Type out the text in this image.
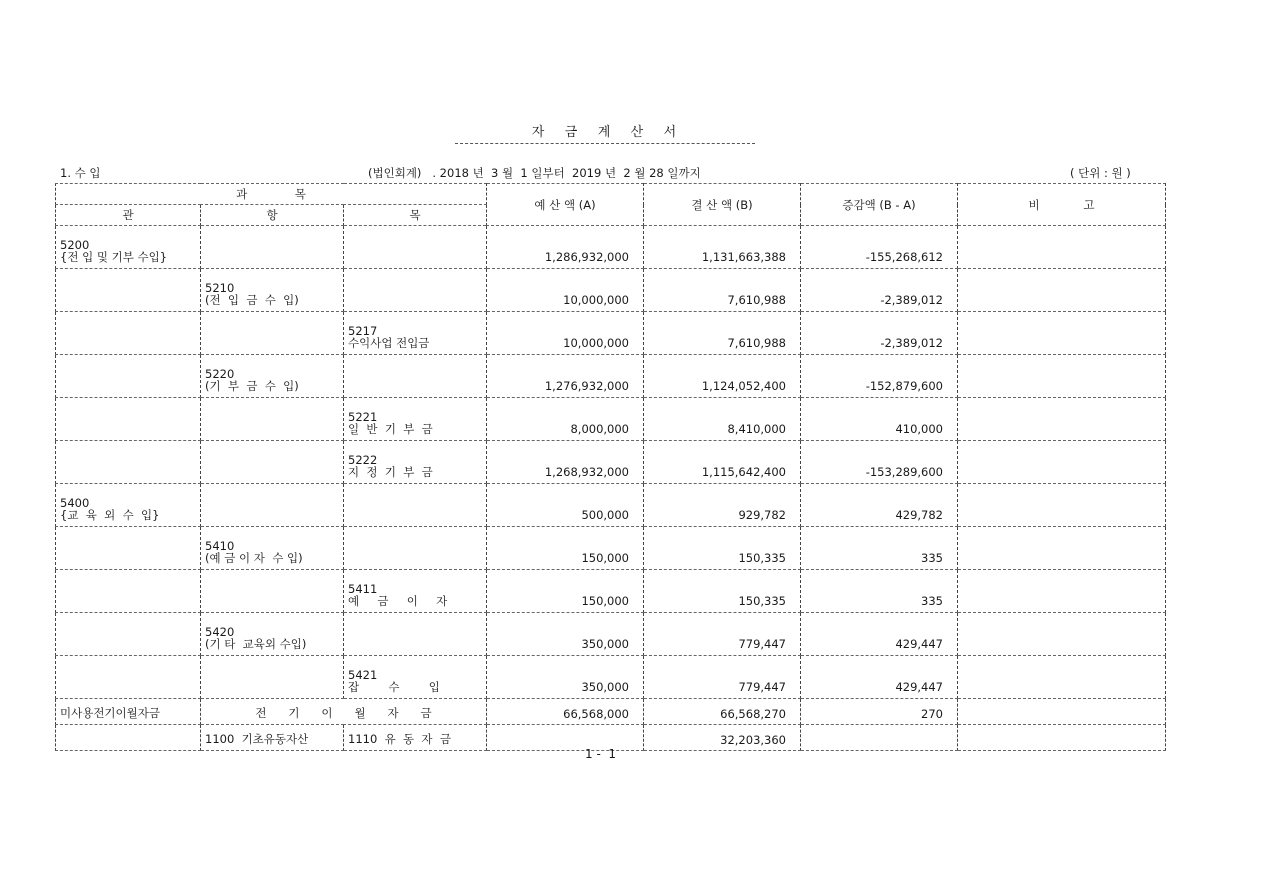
자   금   계   산   서
1. 수 입	(법인회계)   . 2018 년  3 월  1 일부터  2019 년  2 월 28 일까지	( 단위 : 원 )
과             목			예 산 액 (A)	결 산 액 (B)	증감액 (B - A)	비            고
관	항	목				

5200
{전 입 및 기부 수입}			1,286,932,000	1,131,663,388	-155,268,612	

	5210
(전  입  금  수  입)		10,000,000	7,610,988	-2,389,012	

		5217
수익사업 전입금	10,000,000	7,610,988	-2,389,012	

	5220
(기  부  금  수  입)		1,276,932,000	1,124,052,400	-152,879,600	

		5221
일  반  기  부  금	8,000,000	8,410,000	410,000	

		5222
지  정  기  부  금	1,268,932,000	1,115,642,400	-153,289,600	

5400
{교  육  외  수  입}			500,000	929,782	429,782	

	5410
(예 금 이 자  수 입)		150,000	150,335	335	

		5411
예     금     이     자	150,000	150,335	335	

	5420
(기 타  교육외 수입)		350,000	779,447	429,447	

		5421
잡        수        입	350,000	779,447	429,447	
미사용전기이월자금	전      기      이      월      자      금		66,568,000	66,568,270	270	
	1100  기초유동자산	1110  유  동  자  금		32,203,360		
1 -  1
